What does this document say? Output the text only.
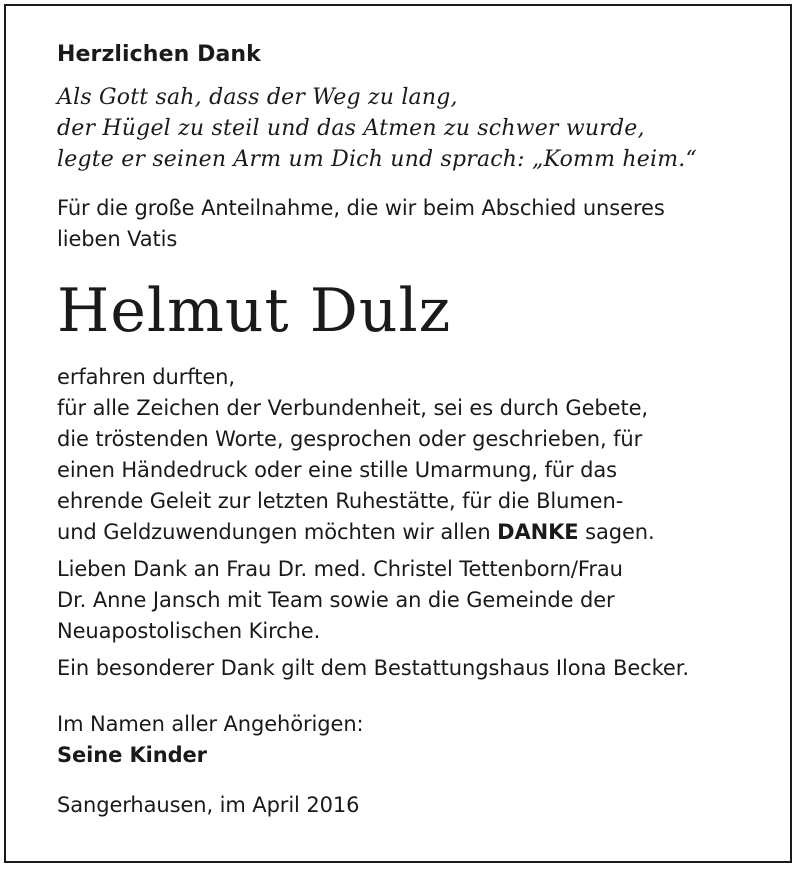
Herzlichen Dank
Als Gott sah, dass der Weg zu lang,
der Hügel zu steil und das Atmen zu schwer wurde,
legte er seinen Arm um Dich und sprach: „Komm heim.“
Für die große Anteilnahme, die wir beim Abschied unseres
lieben Vatis
Helmut Dulz
erfahren durften,
für alle Zeichen der Verbundenheit, sei es durch Gebete,
die tröstenden Worte, gesprochen oder geschrieben, für
einen Händedruck oder eine stille Umarmung, für das
ehrende Geleit zur letzten Ruhestätte, für die Blumen-
und Geldzuwendungen möchten wir allen DANKE sagen.
Lieben Dank an Frau Dr. med. Christel Tettenborn/Frau
Dr. Anne Jansch mit Team sowie an die Gemeinde der
Neuapostolischen Kirche.
Ein besonderer Dank gilt dem Bestattungshaus Ilona Becker.
Im Namen aller Angehörigen:
Seine Kinder
Sangerhausen, im April 2016
